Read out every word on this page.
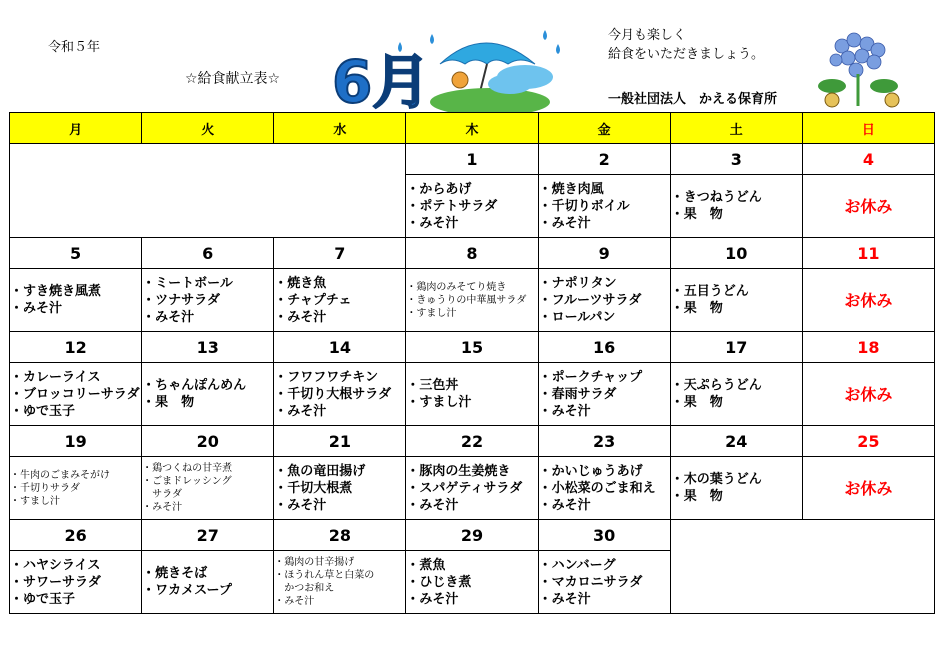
令和５年
☆給食献立表☆ 6月
今月も楽しく
給食をいただきましょう。
一般社団法人　かえる保育所
月	火	水	木	金	土	日
			1	2	3	4

			・からあげ
・ポテトサラダ
・みそ汁	・焼き肉風
・千切りボイル
・みそ汁	・きつねうどん
・果　物	お休み

5	6	7	8	9	10	11

・すき焼き風煮
・みそ汁	・ミートボール
・ツナサラダ
・みそ汁	・焼き魚
・チャプチェ
・みそ汁	・鶏肉のみそてり焼き
・きゅうりの中華風サラダ
・すまし汁	・ナポリタン
・フルーツサラダ
・ロールパン	・五目うどん
・果　物	お休み

12	13	14	15	16	17	18

・カレーライス
・ブロッコリーサラダ
・ゆで玉子	・ちゃんぽんめん
・果　物	・フワフワチキン
・千切り大根サラダ
・みそ汁	・三色丼
・すまし汁	・ポークチャップ
・春雨サラダ
・みそ汁	・天ぷらうどん
・果　物	お休み

19	20	21	22	23	24	25

・牛肉のごまみそがけ
・千切りサラダ
・すまし汁	・鶏つくねの甘辛煮
・ごまドレッシング
　サラダ
・みそ汁	・魚の竜田揚げ
・千切大根煮
・みそ汁	・豚肉の生姜焼き
・スパゲティサラダ
・みそ汁	・かいじゅうあげ
・小松菜のごま和え
・みそ汁	・木の葉うどん
・果　物	お休み

26	27	28	29	30		

・ハヤシライス
・サワーサラダ
・ゆで玉子	・焼きそば
・ワカメスープ	・鶏肉の甘辛揚げ
・ほうれん草と白菜の
　かつお和え
・みそ汁	・煮魚
・ひじき煮
・みそ汁	・ハンバーグ
・マカロニサラダ
・みそ汁		
